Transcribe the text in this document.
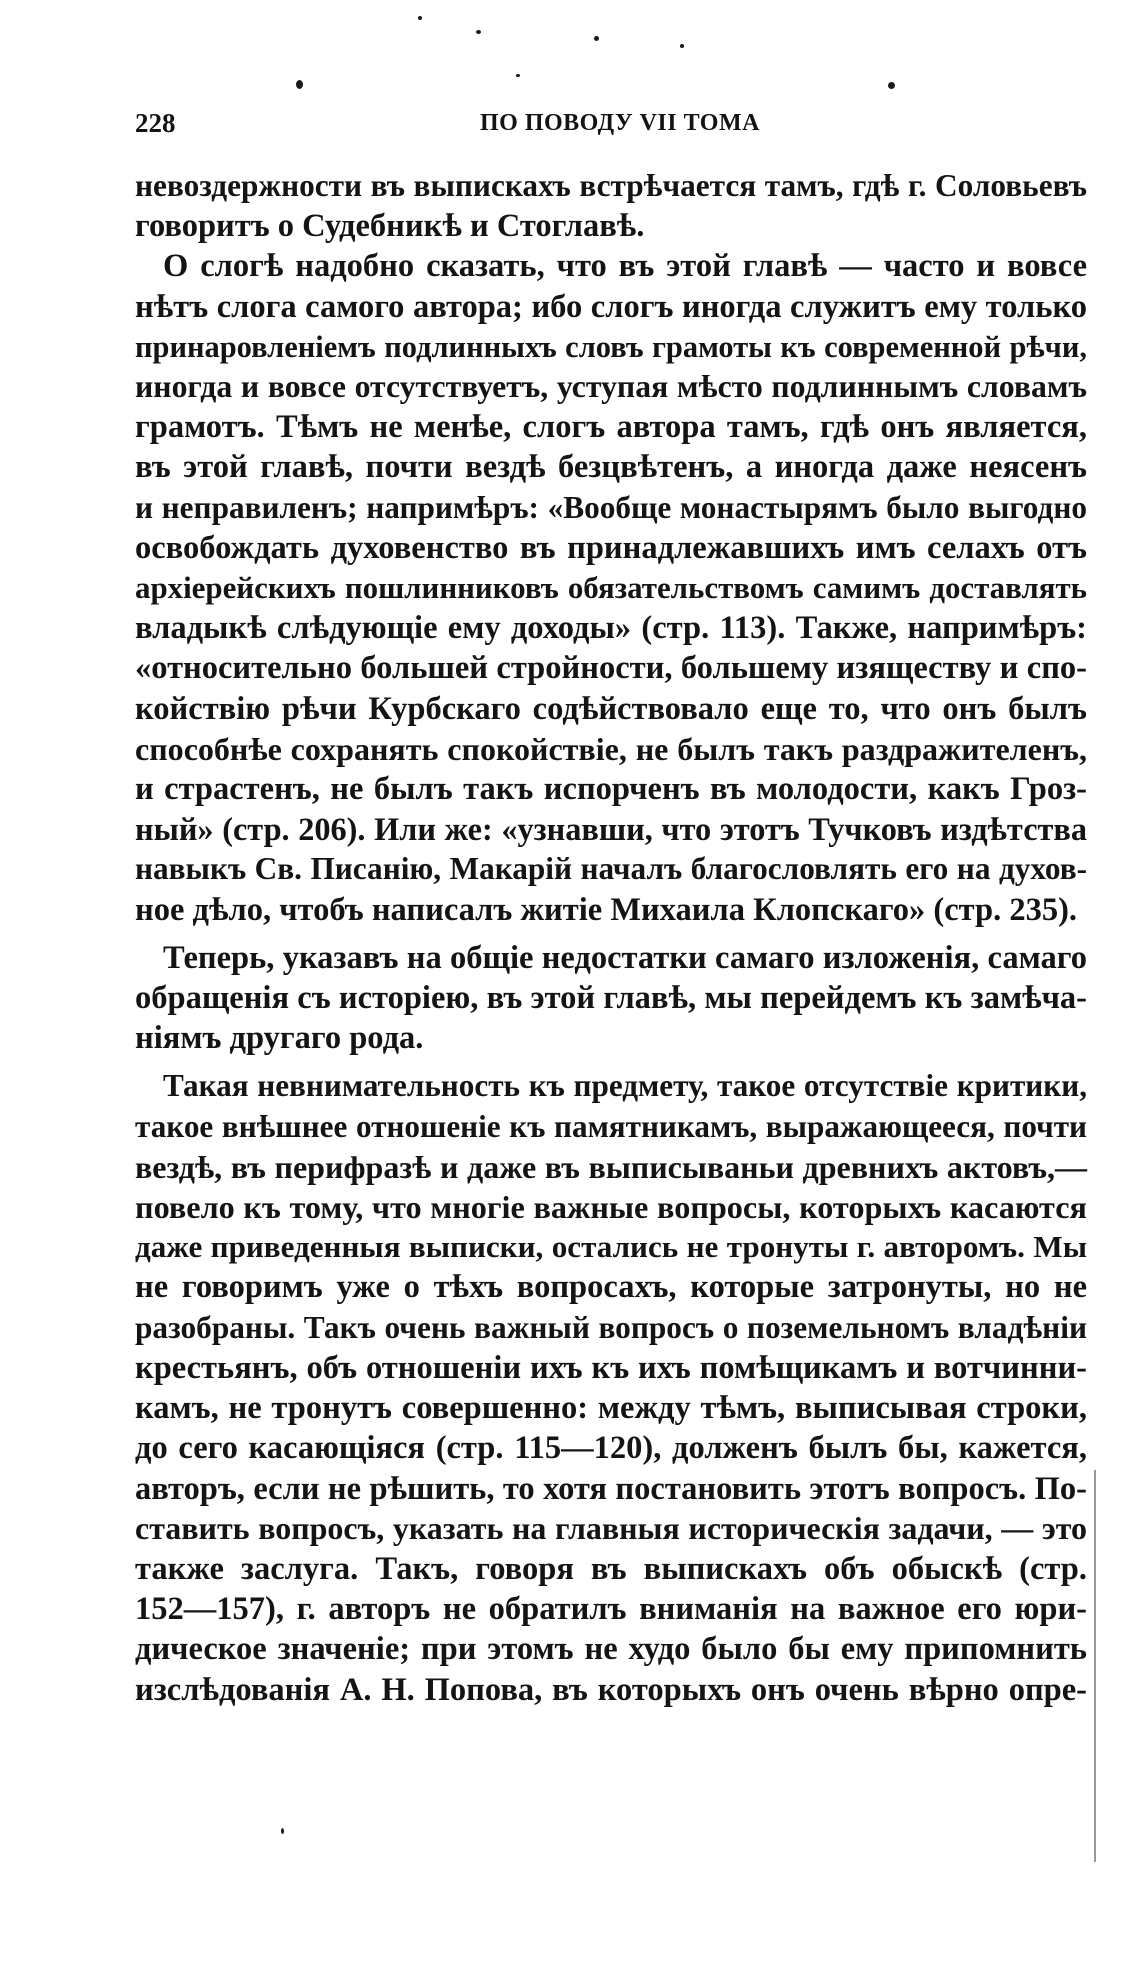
228	ПО ПОВОДУ VII ТОМА
невоздержности въ выпискахъ встрѣчается тамъ, гдѣ г. Соловьевъ
говоритъ о Судебникѣ и Стоглавѣ.
О слогѣ надобно сказать, что въ этой главѣ — часто и вовсе
нѣтъ слога самого автора; ибо слогъ иногда служитъ ему только
принаровленіемъ подлинныхъ словъ грамоты къ современной рѣчи,
иногда и вовсе отсутствуетъ, уступая мѣсто подлиннымъ словамъ
грамотъ. Тѣмъ не менѣе, слогъ автора тамъ, гдѣ онъ является,
въ этой главѣ, почти вездѣ безцвѣтенъ, а иногда даже неясенъ
и неправиленъ; напримѣръ: «Вообще монастырямъ было выгодно
освобождать духовенство въ принадлежавшихъ имъ селахъ отъ
архіерейскихъ пошлинниковъ обязательствомъ самимъ доставлять
владыкѣ слѣдующіе ему доходы» (стр. 113). Также, напримѣръ:
«относительно большей стройности, большему изяществу и спо-
койствію рѣчи Курбскаго содѣйствовало еще то, что онъ былъ
способнѣе сохранять спокойствіе, не былъ такъ раздражителенъ,
и страстенъ, не былъ такъ испорченъ въ молодости, какъ Гроз-
ный» (стр. 206). Или же: «узнавши, что этотъ Тучковъ издѣтства
навыкъ Св. Писанію, Макарій началъ благословлять его на духов-
ное дѣло, чтобъ написалъ житіе Михаила Клопскаго» (стр. 235).
Теперь, указавъ на общіе недостатки самаго изложенія, самаго
обращенія съ исторіею, въ этой главѣ, мы перейдемъ къ замѣча-
ніямъ другаго рода.
Такая невнимательность къ предмету, такое отсутствіе критики,
такое внѣшнее отношеніе къ памятникамъ, выражающееся, почти
вездѣ, въ перифразѣ и даже въ выписываньи древнихъ актовъ,—
повело къ тому, что многіе важные вопросы, которыхъ касаются
даже приведенныя выписки, остались не тронуты г. авторомъ. Мы
не говоримъ уже о тѣхъ вопросахъ, которые затронуты, но не
разобраны. Такъ очень важный вопросъ о поземельномъ владѣніи
крестьянъ, объ отношеніи ихъ къ ихъ помѣщикамъ и вотчинни-
камъ, не тронутъ совершенно: между тѣмъ, выписывая строки,
до сего касающіяся (стр. 115—120), долженъ былъ бы, кажется,
авторъ, если не рѣшить, то хотя постановить этотъ вопросъ. По-
ставить вопросъ, указать на главныя историческія задачи, — это
также заслуга. Такъ, говоря въ выпискахъ объ обыскѣ (стр.
152—157), г. авторъ не обратилъ вниманія на важное его юри-
дическое значеніе; при этомъ не худо было бы ему припомнить
изслѣдованія А. Н. Попова, въ которыхъ онъ очень вѣрно опре-
